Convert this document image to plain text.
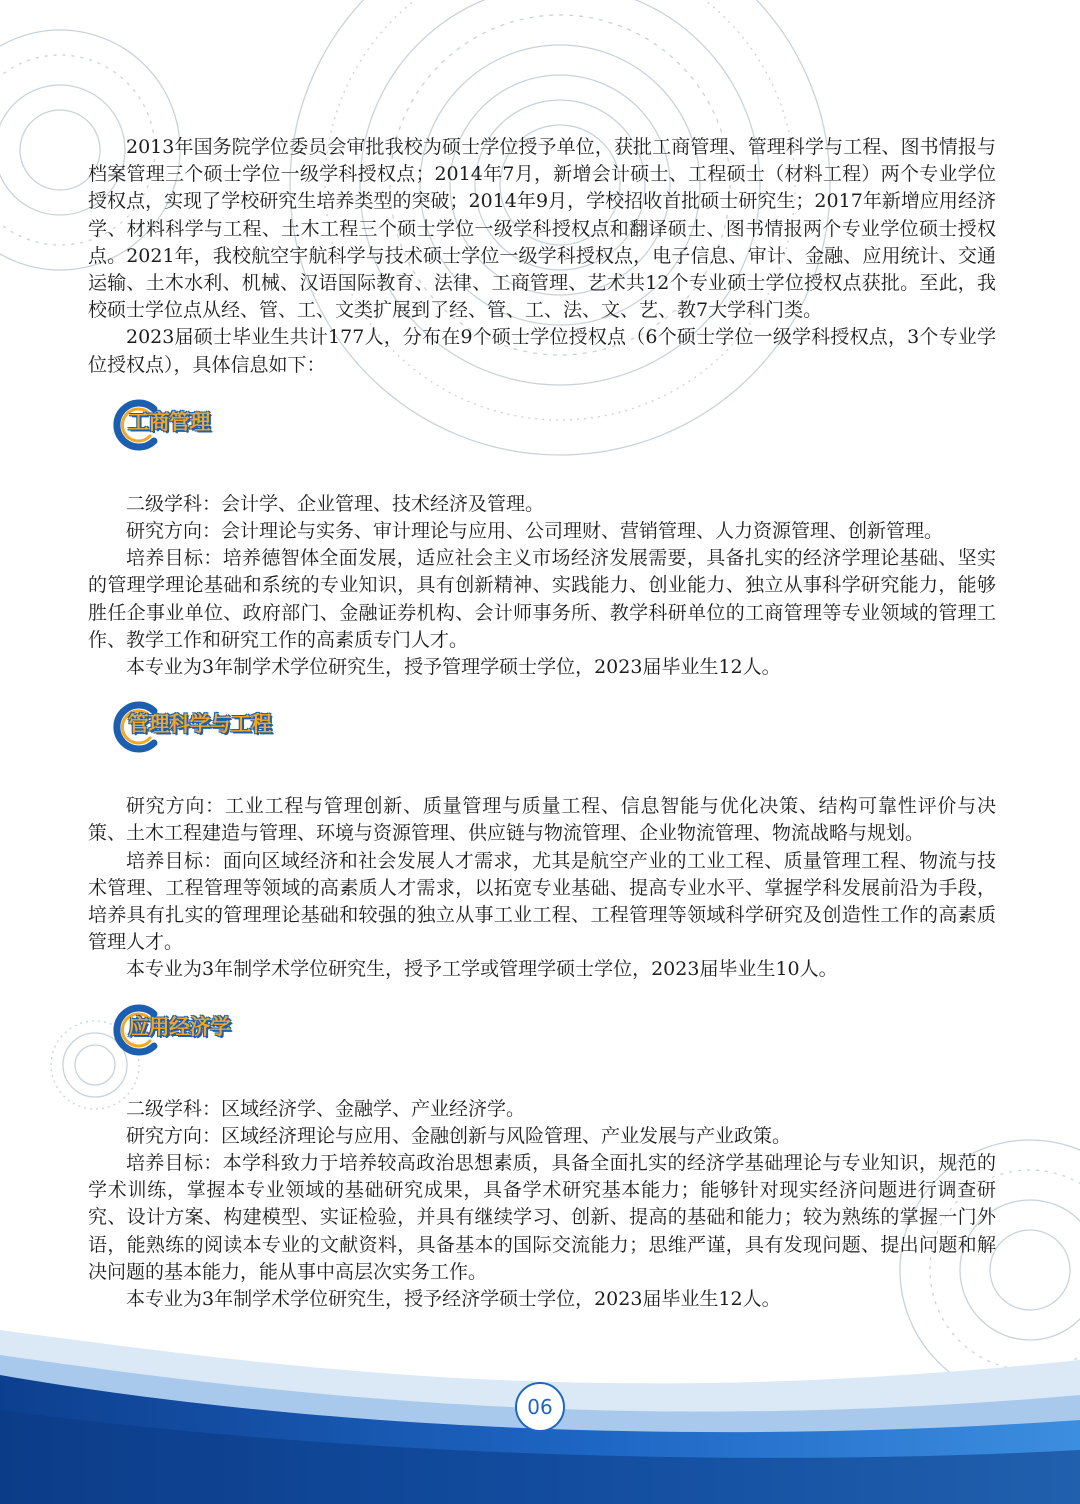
2013年国务院学位委员会审批我校为硕士学位授予单位，获批工商管理、管理科学与工程、图书情报与档案管理三个硕士学位一级学科授权点；2014年7月，新增会计硕士、工程硕士（材料工程）两个专业学位授权点，实现了学校研究生培养类型的突破；2014年9月，学校招收首批硕士研究生；2017年新增应用经济学、材料科学与工程、土木工程三个硕士学位一级学科授权点和翻译硕士、图书情报两个专业学位硕士授权点。2021年，我校航空宇航科学与技术硕士学位一级学科授权点，电子信息、审计、金融、应用统计、交通运输、土木水利、机械、汉语国际教育、法律、工商管理、艺术共12个专业硕士学位授权点获批。至此，我校硕士学位点从经、管、工、文类扩展到了经、管、工、法、文、艺、教7大学科门类。

2023届硕士毕业生共计177人，分布在9个硕士学位授权点（6个硕士学位一级学科授权点，3个专业学位授权点），具体信息如下：

工商管理

二级学科：会计学、企业管理、技术经济及管理。

研究方向：会计理论与实务、审计理论与应用、公司理财、营销管理、人力资源管理、创新管理。

培养目标：培养德智体全面发展，适应社会主义市场经济发展需要，具备扎实的经济学理论基础、坚实的管理学理论基础和系统的专业知识，具有创新精神、实践能力、创业能力、独立从事科学研究能力，能够胜任企事业单位、政府部门、金融证券机构、会计师事务所、教学科研单位的工商管理等专业领域的管理工作、教学工作和研究工作的高素质专门人才。

本专业为3年制学术学位研究生，授予管理学硕士学位，2023届毕业生12人。

管理科学与工程

研究方向：工业工程与管理创新、质量管理与质量工程、信息智能与优化决策、结构可靠性评价与决策、土木工程建造与管理、环境与资源管理、供应链与物流管理、企业物流管理、物流战略与规划。

培养目标：面向区域经济和社会发展人才需求，尤其是航空产业的工业工程、质量管理工程、物流与技术管理、工程管理等领域的高素质人才需求，以拓宽专业基础、提高专业水平、掌握学科发展前沿为手段，培养具有扎实的管理理论基础和较强的独立从事工业工程、工程管理等领域科学研究及创造性工作的高素质管理人才。

本专业为3年制学术学位研究生，授予工学或管理学硕士学位，2023届毕业生10人。

应用经济学

二级学科：区域经济学、金融学、产业经济学。

研究方向：区域经济理论与应用、金融创新与风险管理、产业发展与产业政策。

培养目标：本学科致力于培养较高政治思想素质，具备全面扎实的经济学基础理论与专业知识，规范的学术训练，掌握本专业领域的基础研究成果，具备学术研究基本能力；能够针对现实经济问题进行调查研究、设计方案、构建模型、实证检验，并具有继续学习、创新、提高的基础和能力；较为熟练的掌握一门外语，能熟练的阅读本专业的文献资料，具备基本的国际交流能力；思维严谨，具有发现问题、提出问题和解决问题的基本能力，能从事中高层次实务工作。

本专业为3年制学术学位研究生，授予经济学硕士学位，2023届毕业生12人。

06
